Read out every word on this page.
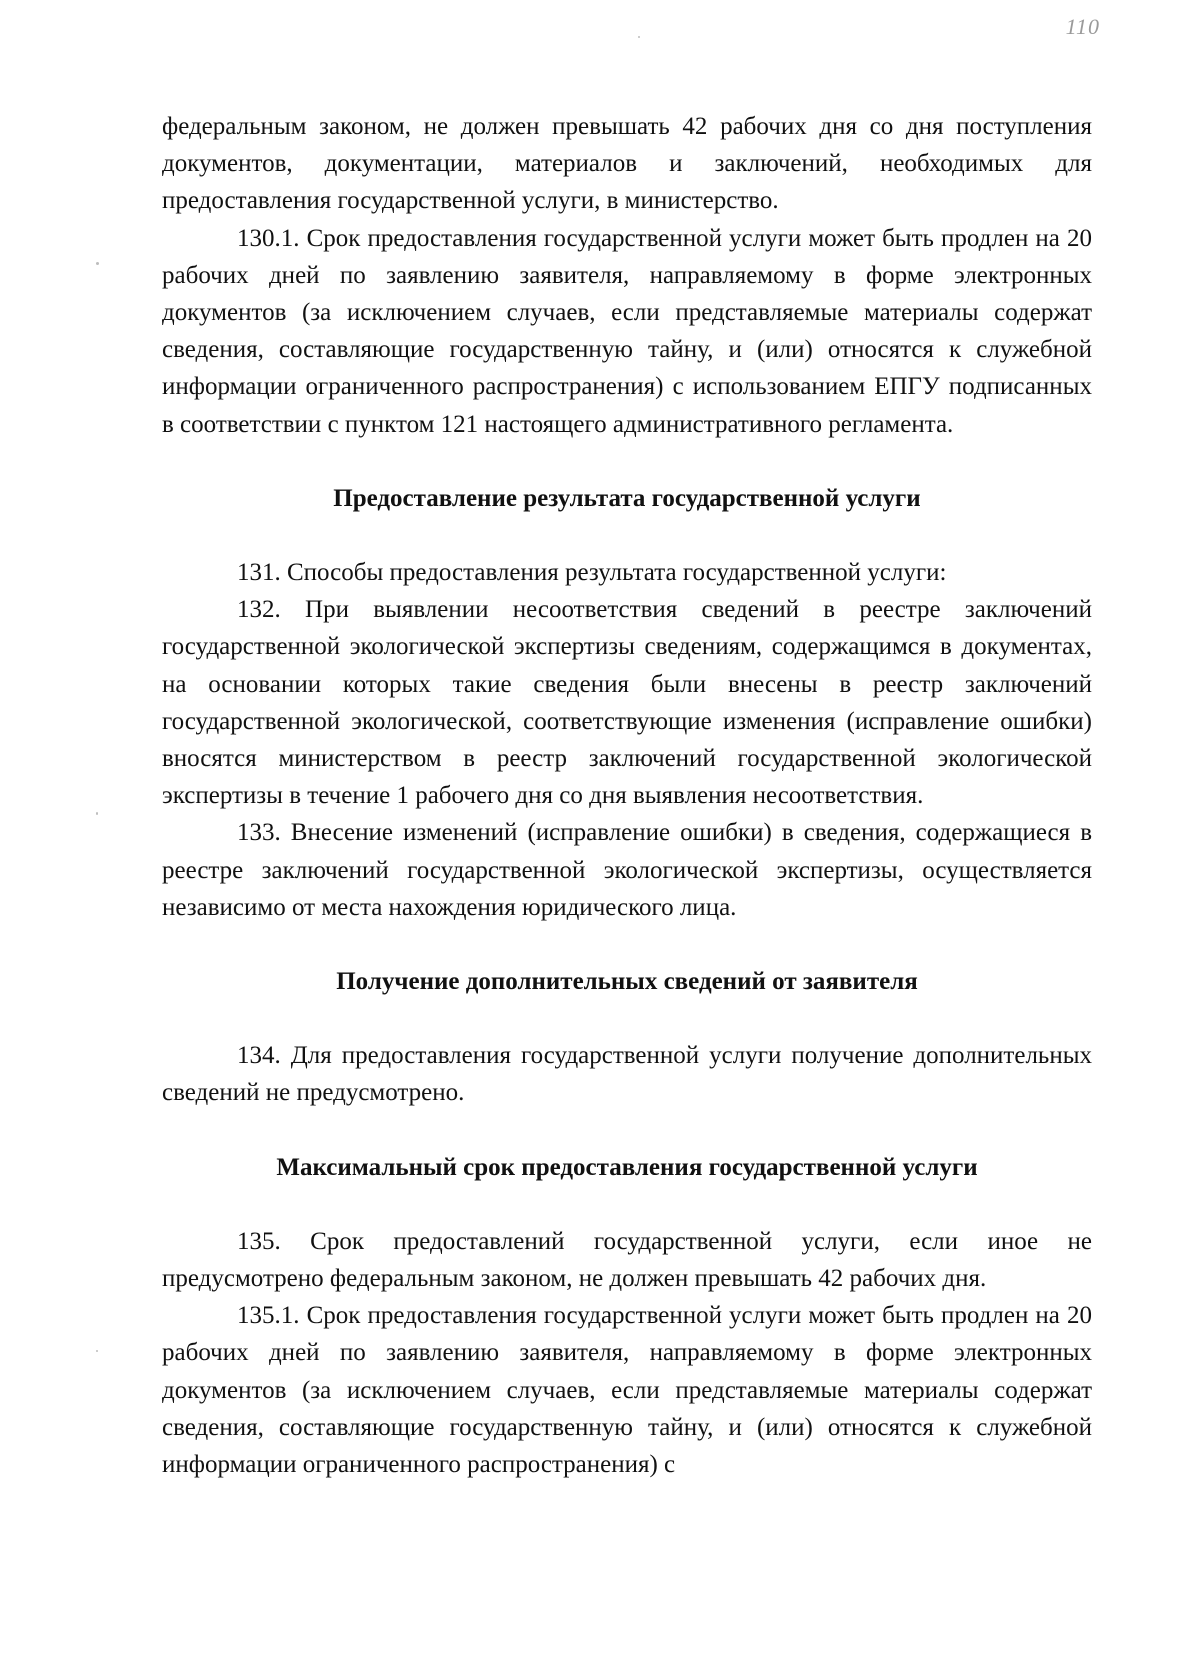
110

федеральным законом, не должен превышать 42 рабочих дня со дня поступления документов, документации, материалов и заключений, необходимых для предоставления государственной услуги, в министерство.

130.1. Срок предоставления государственной услуги может быть продлен на 20 рабочих дней по заявлению заявителя, направляемому в форме электронных документов (за исключением случаев, если представляемые материалы содержат сведения, составляющие государственную тайну, и (или) относятся к служебной информации ограниченного распространения) с использованием ЕПГУ подписанных в соответствии с пунктом 121 настоящего административного регламента.

Предоставление результата государственной услуги

131. Способы предоставления результата государственной услуги:

132. При выявлении несоответствия сведений в реестре заключений государственной экологической экспертизы сведениям, содержащимся в документах, на основании которых такие сведения были внесены в реестр заключений государственной экологической, соответствующие изменения (исправление ошибки) вносятся министерством в реестр заключений государственной экологической экспертизы в течение 1 рабочего дня со дня выявления несоответствия.

133. Внесение изменений (исправление ошибки) в сведения, содержащиеся в реестре заключений государственной экологической экспертизы, осуществляется независимо от места нахождения юридического лица.

Получение дополнительных сведений от заявителя

134. Для предоставления государственной услуги получение дополнительных сведений не предусмотрено.

Максимальный срок предоставления государственной услуги

135. Срок предоставлений государственной услуги, если иное не предусмотрено федеральным законом, не должен превышать 42 рабочих дня.

135.1. Срок предоставления государственной услуги может быть продлен на 20 рабочих дней по заявлению заявителя, направляемому в форме электронных документов (за исключением случаев, если представляемые материалы содержат сведения, составляющие государственную тайну, и (или) относятся к служебной информации ограниченного распространения) с
